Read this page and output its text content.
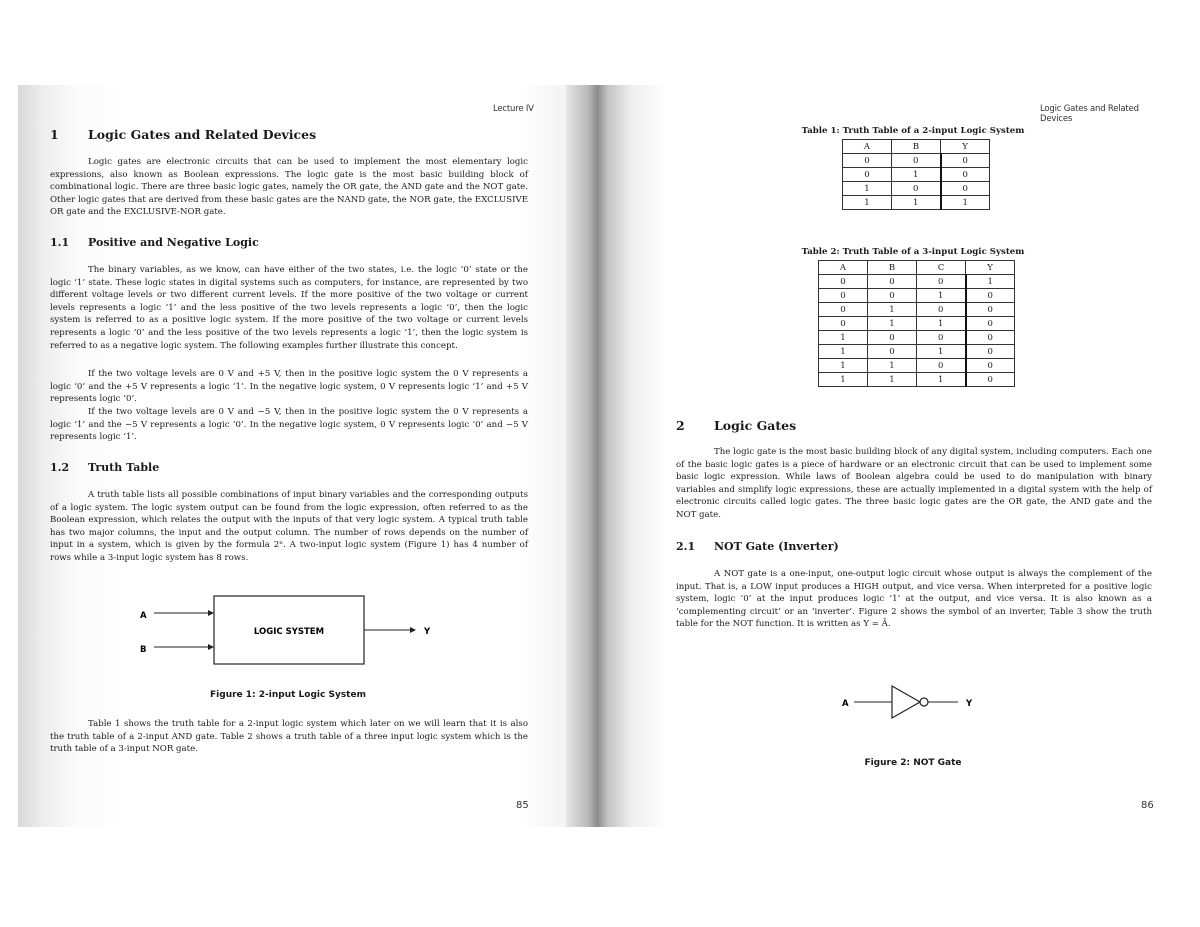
Lecture IV
1 Logic Gates and Related Devices

Logic gates are electronic circuits that can be used to implement the most elementary logic expressions, also known as Boolean expressions. The logic gate is the most basic building block of combinational logic. There are three basic logic gates, namely the OR gate, the AND gate and the NOT gate. Other logic gates that are derived from these basic gates are the NAND gate, the NOR gate, the EXCLUSIVE OR gate and the EXCLUSIVE-NOR gate.

1.1 Positive and Negative Logic

The binary variables, as we know, can have either of the two states, i.e. the logic ‘0’ state or the logic ‘1’ state. These logic states in digital systems such as computers, for instance, are represented by two different voltage levels or two different current levels. If the more positive of the two voltage or current levels represents a logic ‘1’ and the less positive of the two levels represents a logic ‘0’, then the logic system is referred to as a positive logic system. If the more positive of the two voltage or current levels represents a logic ‘0’ and the less positive of the two levels represents a logic ‘1’, then the logic system is referred to as a negative logic system. The following examples further illustrate this concept.

If the two voltage levels are 0 V and +5 V, then in the positive logic system the 0 V represents a logic ‘0’ and the +5 V represents a logic ‘1’. In the negative logic system, 0 V represents logic ‘1’ and +5 V represents logic ‘0’.

If the two voltage levels are 0 V and −5 V, then in the positive logic system the 0 V represents a logic ‘1’ and the −5 V represents a logic ‘0’. In the negative logic system, 0 V represents logic ‘0’ and −5 V represents logic ‘1’.

1.2 Truth Table

A truth table lists all possible combinations of input binary variables and the corresponding outputs of a logic system. The logic system output can be found from the logic expression, often referred to as the Boolean expression, which relates the output with the inputs of that very logic system. A typical truth table has two major columns, the input and the output column. The number of rows depends on the number of input in a system, which is given by the formula 2ⁿ. A two-input logic system (Figure 1) has 4 number of rows while a 3-input logic system has 8 rows.

A
B
LOGIC SYSTEM	Y
Figure 1: 2-input Logic System

Table 1 shows the truth table for a 2-input logic system which later on we will learn that it is also the truth table of a 2-input AND gate. Table 2 shows a truth table of a three input logic system which is the truth table of a 3-input NOR gate.

85
Logic Gates and Related Devices
Table 1: Truth Table of a 2-input Logic System
A	B	Y
0	0	0
0	1	0
1	0	0
1	1	1
Table 2: Truth Table of a 3-input Logic System
A	B	C	Y
0	0	0	1
0	0	1	0
0	1	0	0
0	1	1	0
1	0	0	0
1	0	1	0
1	1	0	0
1	1	1	0
2 Logic Gates

The logic gate is the most basic building block of any digital system, including computers. Each one of the basic logic gates is a piece of hardware or an electronic circuit that can be used to implement some basic logic expression. While laws of Boolean algebra could be used to do manipulation with binary variables and simplify logic expressions, these are actually implemented in a digital system with the help of electronic circuits called logic gates. The three basic logic gates are the OR gate, the AND gate and the NOT gate.

2.1 NOT Gate (Inverter)

A NOT gate is a one-input, one-output logic circuit whose output is always the complement of the input. That is, a LOW input produces a HIGH output, and vice versa. When interpreted for a positive logic system, logic ‘0’ at the input produces logic ‘1’ at the output, and vice versa. It is also known as a ‘complementing circuit’ or an ‘inverter’. Figure 2 shows the symbol of an inverter, Table 3 show the truth table for the NOT function. It is written as Y = Ā.

A	Y
Figure 2: NOT Gate
86
